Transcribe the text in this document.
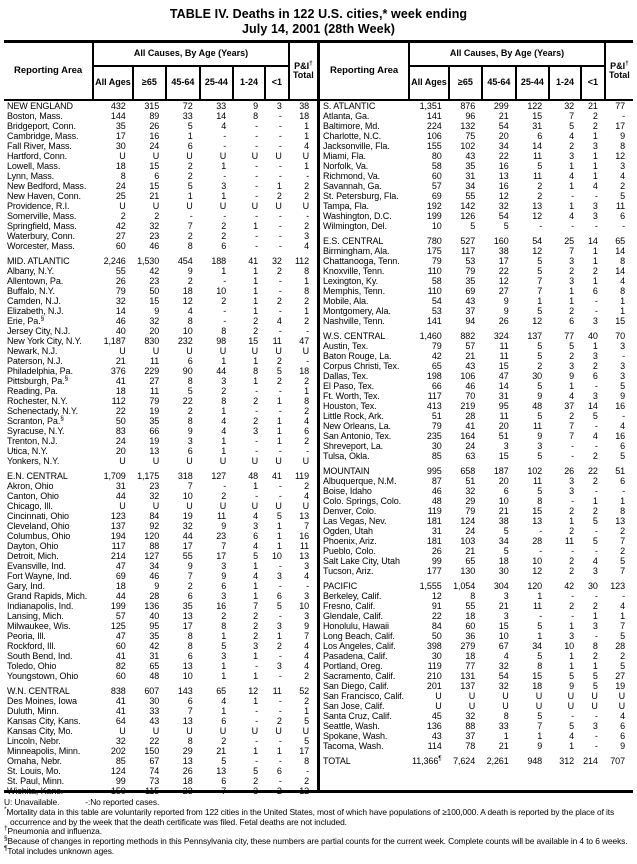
TABLE IV. Deaths in 122 U.S. cities,* week ending
July 14, 2001 (28th Week)
Reporting Area	All Causes, By Age (Years)						P&I†
Total
	All Ages	≥65	45-64	25-44	1-24	<1	
NEW ENGLAND	432	315	72	33	9	3	38
Boston, Mass.	144	89	33	14	8	-	18
Bridgeport, Conn.	35	26	5	4	-	-	1
Cambridge, Mass.	17	16	1	-	-	-	1
Fall River, Mass.	30	24	6	-	-	-	4
Hartford, Conn.	U	U	U	U	U	U	U
Lowell, Mass.	18	15	2	1	-	-	1
Lynn, Mass.	8	6	2	-	-	-	-
New Bedford, Mass.	24	15	5	3	-	1	2
New Haven, Conn.	25	21	1	1	-	2	2
Providence, R.I.	U	U	U	U	U	U	U
Somerville, Mass.	2	2	-	-	-	-	-
Springfield, Mass.	42	32	7	2	1	-	2
Waterbury, Conn.	27	23	2	2	-	-	3
Worcester, Mass.	60	46	8	6	-	-	4

MID. ATLANTIC	2,246	1,530	454	188	41	32	112
Albany, N.Y.	55	42	9	1	1	2	8
Allentown, Pa.	26	23	2	-	1	-	1
Buffalo, N.Y.	79	50	18	10	1	-	8
Camden, N.J.	32	15	12	2	1	2	2
Elizabeth, N.J.	14	9	4	-	1	-	1
Erie, Pa.§	46	32	8	-	2	4	2
Jersey City, N.J.	40	20	10	8	2	-	-
New York City, N.Y.	1,187	830	232	98	15	11	47
Newark, N.J.	U	U	U	U	U	U	U
Paterson, N.J.	21	11	6	1	1	2	-
Philadelphia, Pa.	376	229	90	44	8	5	18
Pittsburgh, Pa.§	41	27	8	3	1	2	2
Reading, Pa.	18	11	5	2	-	-	1
Rochester, N.Y.	112	79	22	8	2	1	8
Schenectady, N.Y.	22	19	2	1	-	-	2
Scranton, Pa.§	50	35	8	4	2	1	4
Syracuse, N.Y.	83	66	9	4	3	1	6
Trenton, N.J.	24	19	3	1	-	1	2
Utica, N.Y.	20	13	6	1	-	-	-
Yonkers, N.Y.	U	U	U	U	U	U	U

E.N. CENTRAL	1,709	1,175	318	127	48	41	119
Akron, Ohio	31	23	7	-	1	-	2
Canton, Ohio	44	32	10	2	-	-	4
Chicago, Ill.	U	U	U	U	U	U	U
Cincinnati, Ohio	123	84	19	11	4	5	13
Cleveland, Ohio	137	92	32	9	3	1	7
Columbus, Ohio	194	120	44	23	6	1	16
Dayton, Ohio	117	88	17	7	4	1	11
Detroit, Mich.	214	127	55	17	5	10	13
Evansville, Ind.	47	34	9	3	1	-	3
Fort Wayne, Ind.	69	46	7	9	4	3	4
Gary, Ind.	18	9	2	6	1	-	-
Grand Rapids, Mich.	44	28	6	3	1	6	3
Indianapolis, Ind.	199	136	35	16	7	5	10
Lansing, Mich.	57	40	13	2	2	-	3
Milwaukee, Wis.	125	95	17	8	2	3	9
Peoria, Ill.	47	35	8	1	2	1	7
Rockford, Ill.	60	42	8	5	3	2	4
South Bend, Ind.	41	31	6	3	1	-	4
Toledo, Ohio	82	65	13	1	-	3	4
Youngstown, Ohio	60	48	10	1	1	-	2

W.N. CENTRAL	838	607	143	65	12	11	52
Des Moines, Iowa	41	30	6	4	1	-	2
Duluth, Minn.	41	33	7	1	-	-	1
Kansas City, Kans.	64	43	13	6	-	2	5
Kansas City, Mo.	U	U	U	U	U	U	U
Lincoln, Nebr.	32	22	8	2	-	-	5
Minneapolis, Minn.	202	150	29	21	1	1	17
Omaha, Nebr.	85	67	13	5	-	-	8
St. Louis, Mo.	124	74	26	13	5	6	-
St. Paul, Minn.	99	73	18	6	2	-	2
Wichita, Kans.	150	115	23	7	3	2	12
Reporting Area	All Causes, By Age (Years)						P&I†
Total
	All Ages	≥65	45-64	25-44	1-24	<1	
S. ATLANTIC	1,351	876	299	122	32	21	77
Atlanta, Ga.	141	96	21	15	7	2	-
Baltimore, Md.	224	132	54	31	5	2	17
Charlotte, N.C.	106	75	20	6	4	1	9
Jacksonville, Fla.	155	102	34	14	2	3	8
Miami, Fla.	80	43	22	11	3	1	12
Norfolk, Va.	58	35	16	5	1	1	3
Richmond, Va.	60	31	13	11	4	1	4
Savannah, Ga.	57	34	16	2	1	4	2
St. Petersburg, Fla.	69	55	12	2	-	-	5
Tampa, Fla.	192	142	32	13	1	3	11
Washington, D.C.	199	126	54	12	4	3	6
Wilmington, Del.	10	5	5	-	-	-	-

E.S. CENTRAL	780	527	160	54	25	14	65
Birmingham, Ala.	175	117	38	12	7	1	14
Chattanooga, Tenn.	79	53	17	5	3	1	8
Knoxville, Tenn.	110	79	22	5	2	2	14
Lexington, Ky.	58	35	12	7	3	1	4
Memphis, Tenn.	110	69	27	7	1	6	8
Mobile, Ala.	54	43	9	1	1	-	1
Montgomery, Ala.	53	37	9	5	2	-	1
Nashville, Tenn.	141	94	26	12	6	3	15

W.S. CENTRAL	1,460	882	324	137	77	40	70
Austin, Tex.	79	57	11	5	5	1	3
Baton Rouge, La.	42	21	11	5	2	3	-
Corpus Christi, Tex.	65	43	15	2	3	2	3
Dallas, Tex.	198	106	47	30	9	6	3
El Paso, Tex.	66	46	14	5	1	-	5
Ft. Worth, Tex.	117	70	31	9	4	3	9
Houston, Tex.	413	219	95	48	37	14	16
Little Rock, Ark.	51	28	11	5	2	5	-
New Orleans, La.	79	41	20	11	7	-	4
San Antonio, Tex.	235	164	51	9	7	4	16
Shreveport, La.	30	24	3	3	-	-	6
Tulsa, Okla.	85	63	15	5	-	2	5

MOUNTAIN	995	658	187	102	26	22	51
Albuquerque, N.M.	87	51	20	11	3	2	6
Boise, Idaho	46	32	6	5	3	-	-
Colo. Springs, Colo.	48	29	10	8	-	1	1
Denver, Colo.	119	79	21	15	2	2	8
Las Vegas, Nev.	181	124	38	13	1	5	13
Ogden, Utah	31	24	5	-	2	-	2
Phoenix, Ariz.	181	103	34	28	11	5	7
Pueblo, Colo.	26	21	5	-	-	-	2
Salt Lake City, Utah	99	65	18	10	2	4	5
Tucson, Ariz.	177	130	30	12	2	3	7

PACIFIC	1,555	1,054	304	120	42	30	123
Berkeley, Calif.	12	8	3	1	-	-	-
Fresno, Calif.	91	55	21	11	2	2	4
Glendale, Calif.	22	18	3	-	-	1	1
Honolulu, Hawaii	84	60	15	5	1	3	7
Long Beach, Calif.	50	36	10	1	3	-	5
Los Angeles, Calif.	398	279	67	34	10	8	28
Pasadena, Calif.	30	18	4	5	1	2	2
Portland, Oreg.	119	77	32	8	1	1	5
Sacramento, Calif.	210	131	54	15	5	5	27
San Diego, Calif.	201	137	32	18	9	5	19
San Francisco, Calif.	U	U	U	U	U	U	U
San Jose, Calif.	U	U	U	U	U	U	U
Santa Cruz, Calif.	45	32	8	5	-	-	4
Seattle, Wash.	136	88	33	7	5	3	6
Spokane, Wash.	43	37	1	1	4	-	6
Tacoma, Wash.	114	78	21	9	1	-	9

TOTAL	11,366¶	7,624	2,261	948	312	214	707
U: Unavailable.	-:No reported cases.
*Mortality data in this table are voluntarily reported from 122 cities in the United States, most of which have populations of ≥100,000. A death is reported by the place of its occurrence and by the week that the death certificate was filed. Fetal deaths are not included.
†Pneumonia and influenza.
§Because of changes in reporting methods in this Pennsylvania city, these numbers are partial counts for the current week. Complete counts will be available in 4 to 6 weeks.
¶Total includes unknown ages.
